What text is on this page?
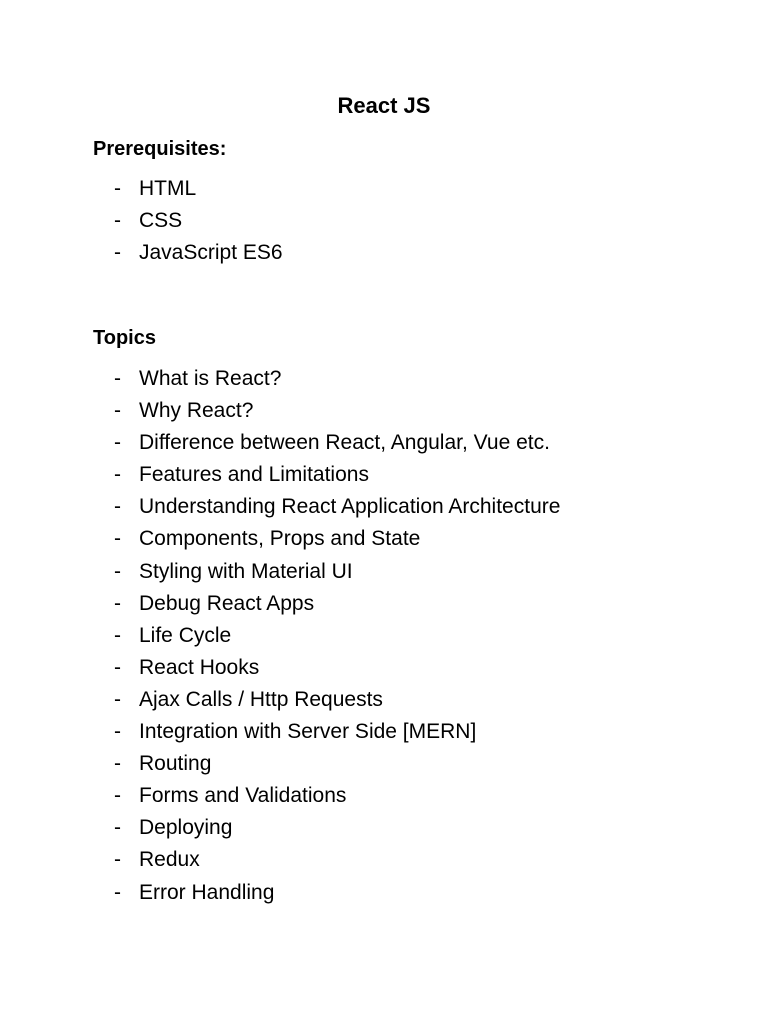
React JS
Prerequisites:
- HTML
- CSS
- JavaScript ES6
Topics
- What is React?
- Why React?
- Difference between React, Angular, Vue etc.
- Features and Limitations
- Understanding React Application Architecture
- Components, Props and State
- Styling with Material UI
- Debug React Apps
- Life Cycle
- React Hooks
- Ajax Calls / Http Requests
- Integration with Server Side [MERN]
- Routing
- Forms and Validations
- Deploying
- Redux
- Error Handling
